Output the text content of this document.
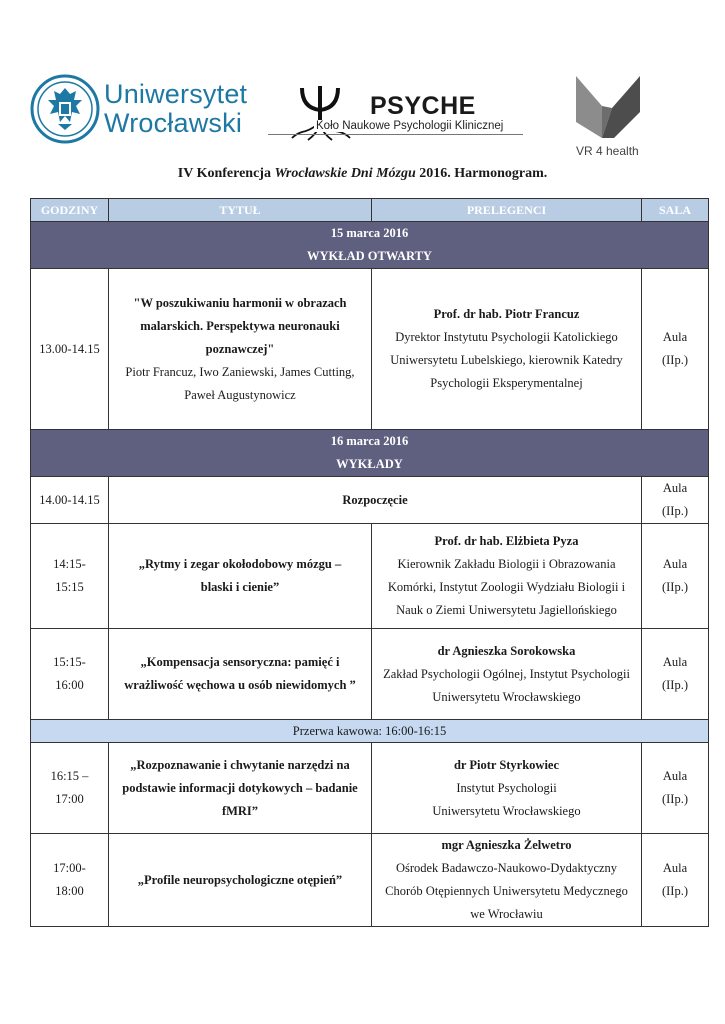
Uniwersytet
Wrocławski
PSYCHE
Koło Naukowe Psychologii Klinicznej
VR 4 health
IV Konferencja Wrocławskie Dni Mózgu 2016. Harmonogram.
GODZINY	TYTUŁ	PRELEGENCI	SALA

15 marca 2016
WYKŁAD OTWARTY			

13.00-14.15	"W poszukiwaniu harmonii w obrazach
malarskich. Perspektywa neuronauki
poznawczej"
Piotr Francuz, Iwo Zaniewski, James Cutting,
Paweł Augustynowicz	Prof. dr hab. Piotr Francuz
Dyrektor Instytutu Psychologii Katolickiego
Uniwersytetu Lubelskiego, kierownik Katedry
Psychologii Eksperymentalnej	Aula
(IIp.)

16 marca 2016
WYKŁADY			

14.00-14.15	Rozpoczęcie		Aula
(IIp.)

14:15-
15:15	„Rytmy i zegar okołodobowy mózgu –
blaski i cienie”	Prof. dr hab. Elżbieta Pyza
Kierownik Zakładu Biologii i Obrazowania
Komórki, Instytut Zoologii Wydziału Biologii i
Nauk o Ziemi Uniwersytetu Jagiellońskiego	Aula
(IIp.)

15:15-
16:00	„Kompensacja sensoryczna: pamięć i
wrażliwość węchowa u osób niewidomych ”	dr Agnieszka Sorokowska
Zakład Psychologii Ogólnej, Instytut Psychologii
Uniwersytetu Wrocławskiego	Aula
(IIp.)

Przerwa kawowa: 16:00-16:15			

16:15 –
17:00	„Rozpoznawanie i chwytanie narzędzi na
podstawie informacji dotykowych – badanie
fMRI”	dr Piotr Styrkowiec
Instytut Psychologii
Uniwersytetu Wrocławskiego	Aula
(IIp.)

17:00-
18:00	„Profile neuropsychologiczne otępień”	mgr Agnieszka Żelwetro
Ośrodek Badawczo-Naukowo-Dydaktyczny
Chorób Otępiennych Uniwersytetu Medycznego
we Wrocławiu	Aula
(IIp.)
